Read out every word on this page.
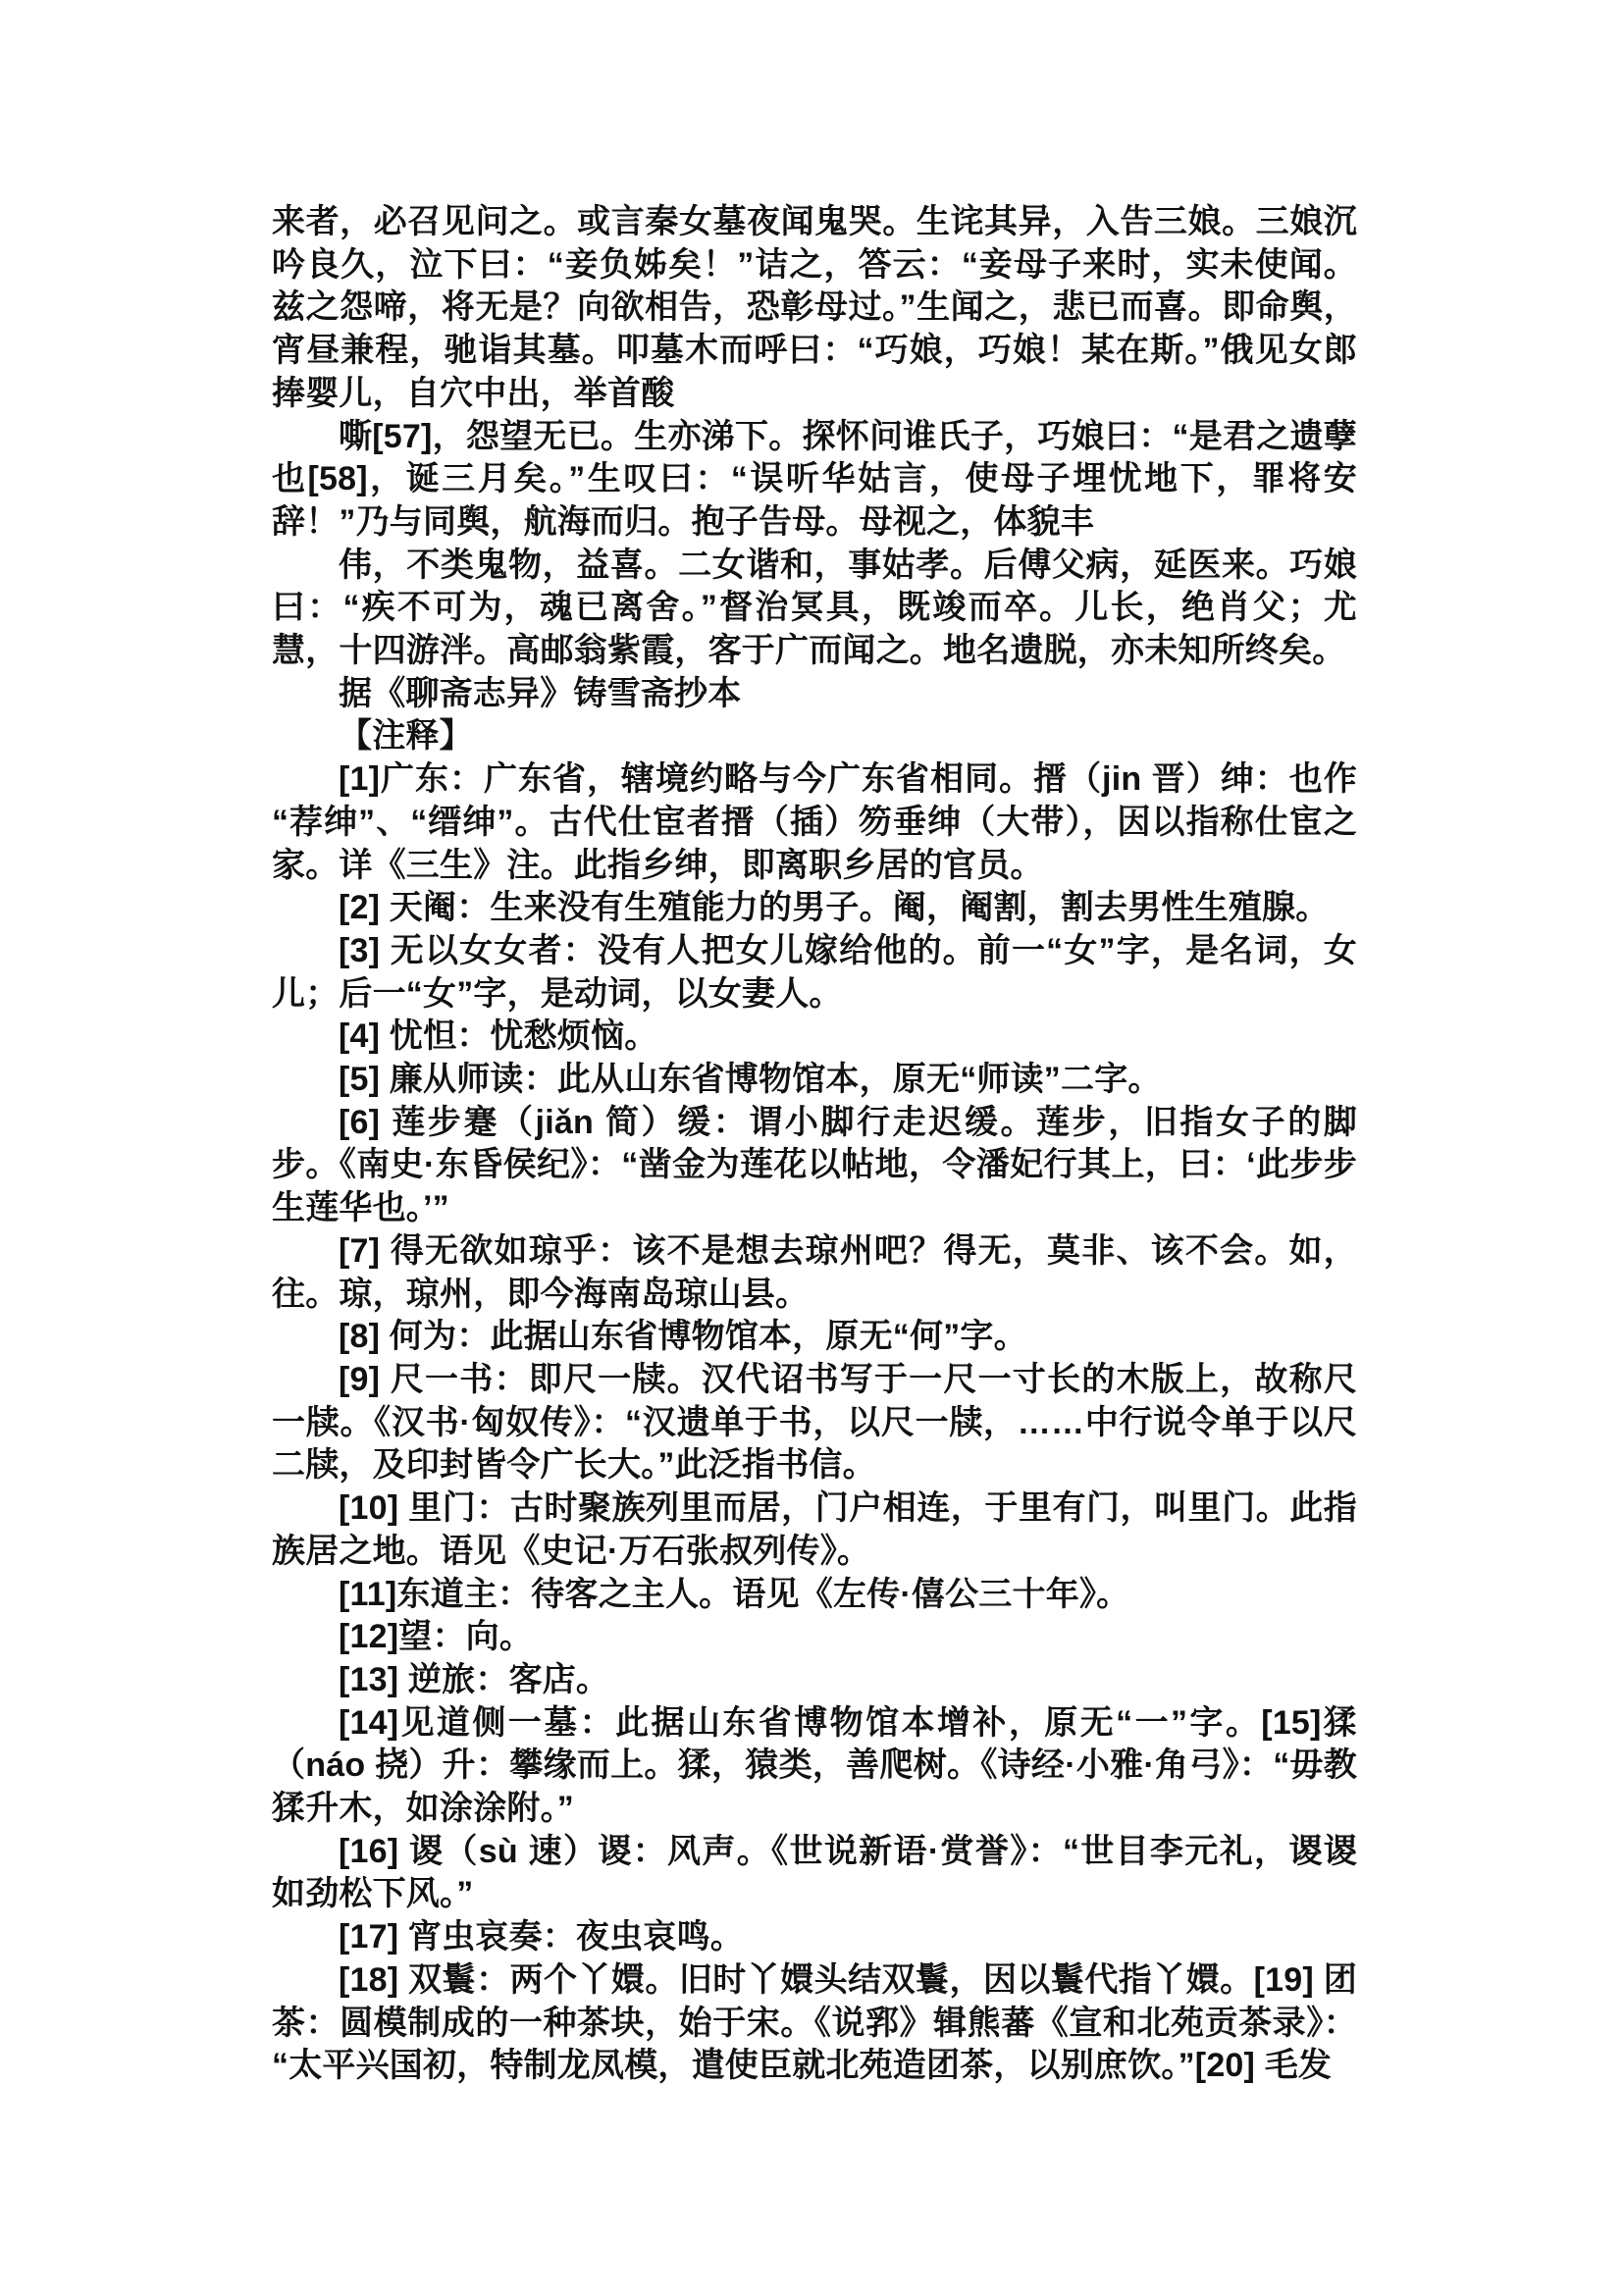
来者，必召见问之。或言秦女墓夜闻鬼哭。生诧其异，入告三娘。三娘沉吟良久，泣下曰：“妾负姊矣！”诘之，答云：“妾母子来时，实未使闻。兹之怨啼，将无是？向欲相告，恐彰母过。”生闻之，悲已而喜。即命舆，宵昼兼程，驰诣其墓。叩墓木而呼曰：“巧娘，巧娘！某在斯。”俄见女郎捧婴儿，自穴中出，举首酸

嘶[57]，怨望无已。生亦涕下。探怀问谁氏子，巧娘曰：“是君之遗孽也[58]，诞三月矣。”生叹曰：“误听华姑言，使母子埋忧地下，罪将安辞！”乃与同舆，航海而归。抱子告母。母视之，体貌丰

伟，不类鬼物，益喜。二女谐和，事姑孝。后傅父病，延医来。巧娘曰：“疾不可为，魂已离舍。”督治冥具，既竣而卒。儿长，绝肖父；尤慧，十四游泮。高邮翁紫霞，客于广而闻之。地名遗脱，亦未知所终矣。

据《聊斋志异》铸雪斋抄本

【注释】

[1]广东：广东省，辖境约略与今广东省相同。搢（jin 晋）绅：也作“荐绅”、“缙绅”。古代仕宦者搢（插）笏垂绅（大带），因以指称仕宦之家。详《三生》注。此指乡绅，即离职乡居的官员。

[2] 天阉：生来没有生殖能力的男子。阉，阉割，割去男性生殖腺。

[3] 无以女女者：没有人把女儿嫁给他的。前一“女”字，是名词，女儿；后一“女”字，是动词，以女妻人。

[4] 忧怛：忧愁烦恼。

[5] 廉从师读：此从山东省博物馆本，原无“师读”二字。

[6] 莲步蹇（jiǎn 简）缓：谓小脚行走迟缓。莲步，旧指女子的脚步。《南史·东昏侯纪》：“凿金为莲花以帖地，令潘妃行其上，曰：‘此步步生莲华也。’”

[7] 得无欲如琼乎：该不是想去琼州吧？得无，莫非、该不会。如，往。琼，琼州，即今海南岛琼山县。

[8] 何为：此据山东省博物馆本，原无“何”字。

[9] 尺一书：即尺一牍。汉代诏书写于一尺一寸长的木版上，故称尺一牍。《汉书·匈奴传》：“汉遗单于书，以尺一牍，……中行说令单于以尺二牍，及印封皆令广长大。”此泛指书信。

[10] 里门：古时聚族列里而居，门户相连，于里有门，叫里门。此指族居之地。语见《史记·万石张叔列传》。

[11]东道主：待客之主人。语见《左传·僖公三十年》。

[12]望：向。

[13] 逆旅：客店。

[14]见道侧一墓：此据山东省博物馆本增补，原无“一”字。[15]猱（náo 挠）升：攀缘而上。猱，猿类，善爬树。《诗经·小雅·角弓》：“毋教猱升木，如涂涂附。”

[16] 谡（sù 速）谡：风声。《世说新语·赏誉》：“世目李元礼，谡谡如劲松下风。”

[17] 宵虫哀奏：夜虫哀鸣。

[18] 双鬟：两个丫嬛。旧时丫嬛头结双鬟，因以鬟代指丫嬛。[19] 团茶：圆模制成的一种茶块，始于宋。《说郛》辑熊蕃《宣和北苑贡茶录》：“太平兴国初，特制龙凤模，遣使臣就北苑造团茶，以别庶饮。”[20] 毛发
